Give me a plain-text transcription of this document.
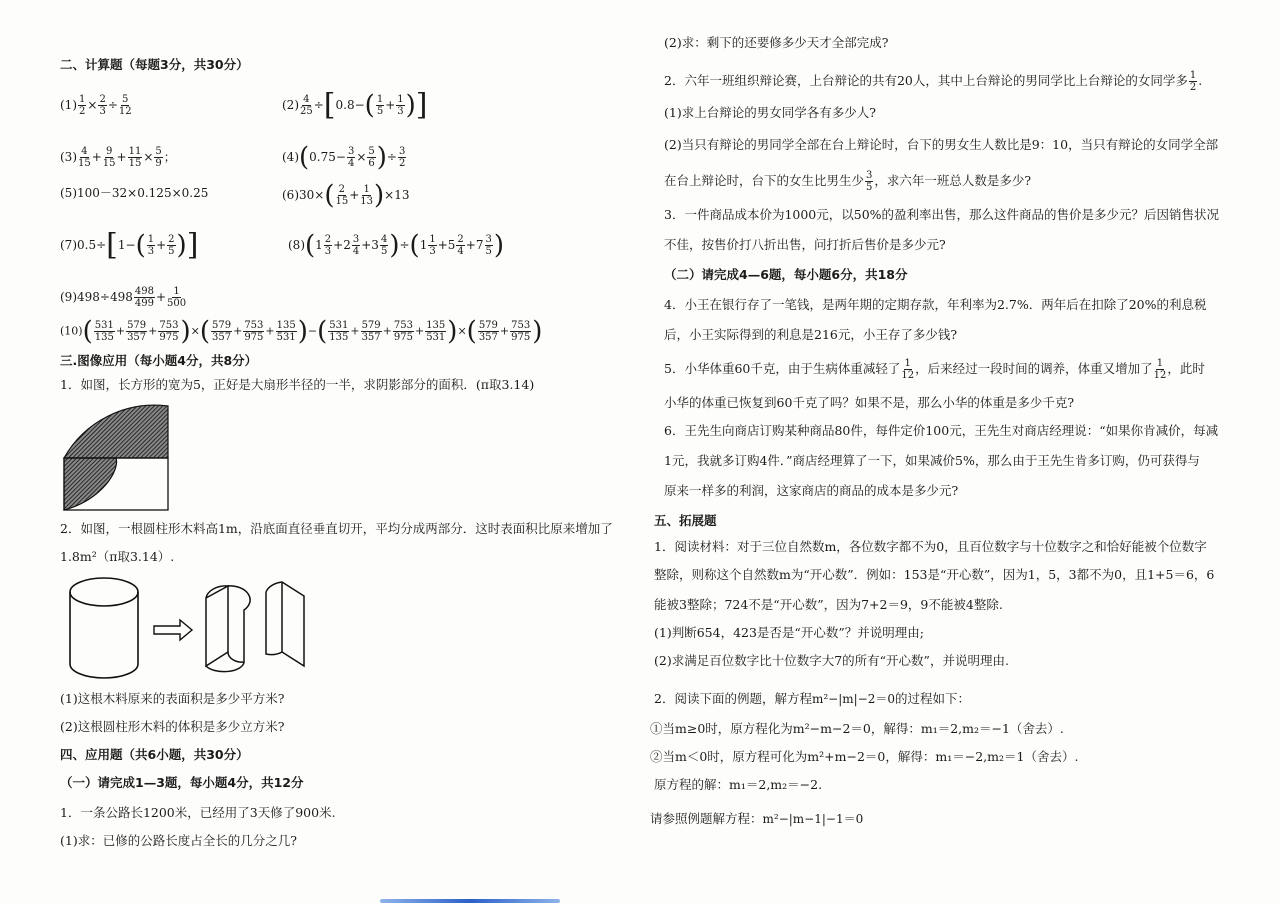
二、计算题（每题3分，共30分）
$(1) \frac{1}{2} \times \frac{2}{3} \div \frac{5}{12}$	$(2) \frac{4}{25} \div[0.8-( \frac{1}{5} + \frac{1}{3}$ )]
$(3) \frac{4}{15} + \frac{9}{15} + \frac{11}{15} \times \frac{5}{9}$ ；	$(4)(0.75- \frac{3}{4} \times \frac{5}{6}$ )÷ $\frac{3}{2}$
(5)100－32×0.125×0.25	$(6)30\times( \frac{2}{15} + \frac{1}{13} )\times 13$
$(7)0.5\div[1-( \frac{1}{3} + \frac{2}{5}$ )]	$(8)(1 \frac{2}{3} +2 \frac{3}{4} +3 \frac{4}{5} )\div(1 \frac{1}{3} +5 \frac{2}{4} +7 \frac{3}{5}$ )
$(9)498\div 498 \frac{498}{499} + \frac{1}{500}$
$(10)( \frac{531}{135} + \frac{579}{357} + \frac{753}{975}$ )×( $\frac{579}{357} + \frac{753}{975} + \frac{135}{531}$ )−( $\frac{531}{135} + \frac{579}{357} + \frac{753}{975} + \frac{135}{531}$ )×( $\frac{579}{357} + \frac{753}{975}$ )
三.图像应用（每小题4分，共8分）
1．如图，长方形的宽为5，正好是大扇形半径的一半，求阴影部分的面积．(π取3.14)
2．如图，一根圆柱形木料高1m，沿底面直径垂直切开，平均分成两部分．这时表面积比原来增加了
1.8m²（π取3.14）.
(1)这根木料原来的表面积是多少平方米?
(2)这根圆柱形木料的体积是多少立方米?
四、应用题（共6小题，共30分）
（一）请完成1—3题，每小题4分，共12分
1．一条公路长1200米，已经用了3天修了900米.
(1)求：已修的公路长度占全长的几分之几?
(2)求：剩下的还要修多少天才全部完成?
2．六年一班组织辩论赛，上台辩论的共有20人，其中上台辩论的男同学比上台辩论的女同学多 $\frac{1}{2}$ .
(1)求上台辩论的男女同学各有多少人?
(2)当只有辩论的男同学全部在台上辩论时，台下的男女生人数比是9：10，当只有辩论的女同学全部
在台上辩论时，台下的女生比男生少 $\frac{3}{5}$ ，求六年一班总人数是多少?
3．一件商品成本价为1000元，以50%的盈利率出售，那么这件商品的售价是多少元？后因销售状况
不佳，按售价打八折出售，问打折后售价是多少元?
（二）请完成4—6题，每小题6分，共18分
4．小王在银行存了一笔钱，是两年期的定期存款，年利率为2.7%．两年后在扣除了20%的利息税
后，小王实际得到的利息是216元，小王存了多少钱?
5．小华体重60千克，由于生病体重减轻了 $\frac{1}{12}$ ，后来经过一段时间的调养，体重又增加了 $\frac{1}{12}$ ，此时
小华的体重已恢复到60千克了吗？如果不是，那么小华的体重是多少千克?
6．王先生向商店订购某种商品80件，每件定价100元，王先生对商店经理说：“如果你肯减价，每减
1元，我就多订购4件．”商店经理算了一下，如果减价5%，那么由于王先生肯多订购，仍可获得与
原来一样多的利润，这家商店的商品的成本是多少元?
五、拓展题
1．阅读材料：对于三位自然数m，各位数字都不为0，且百位数字与十位数字之和恰好能被个位数字
整除，则称这个自然数m为“开心数”．例如：153是“开心数”，因为1，5，3都不为0，且1+5＝6，6
能被3整除；724不是“开心数”，因为7+2＝9，9不能被4整除.
(1)判断654，423是否是“开心数”？并说明理由;
(2)求满足百位数字比十位数字大7的所有“开心数”，并说明理由.
2．阅读下面的例题，解方程m²−|m|−2＝0的过程如下：
①当m≥0时，原方程化为m²−m−2＝0，解得：m₁＝2,m₂＝−1（舍去）.
②当m＜0时，原方程可化为m²+m−2＝0，解得：m₁＝−2,m₂＝1（舍去）.
原方程的解：m₁＝2,m₂＝−2.
请参照例题解方程：m²−|m−1|−1＝0
